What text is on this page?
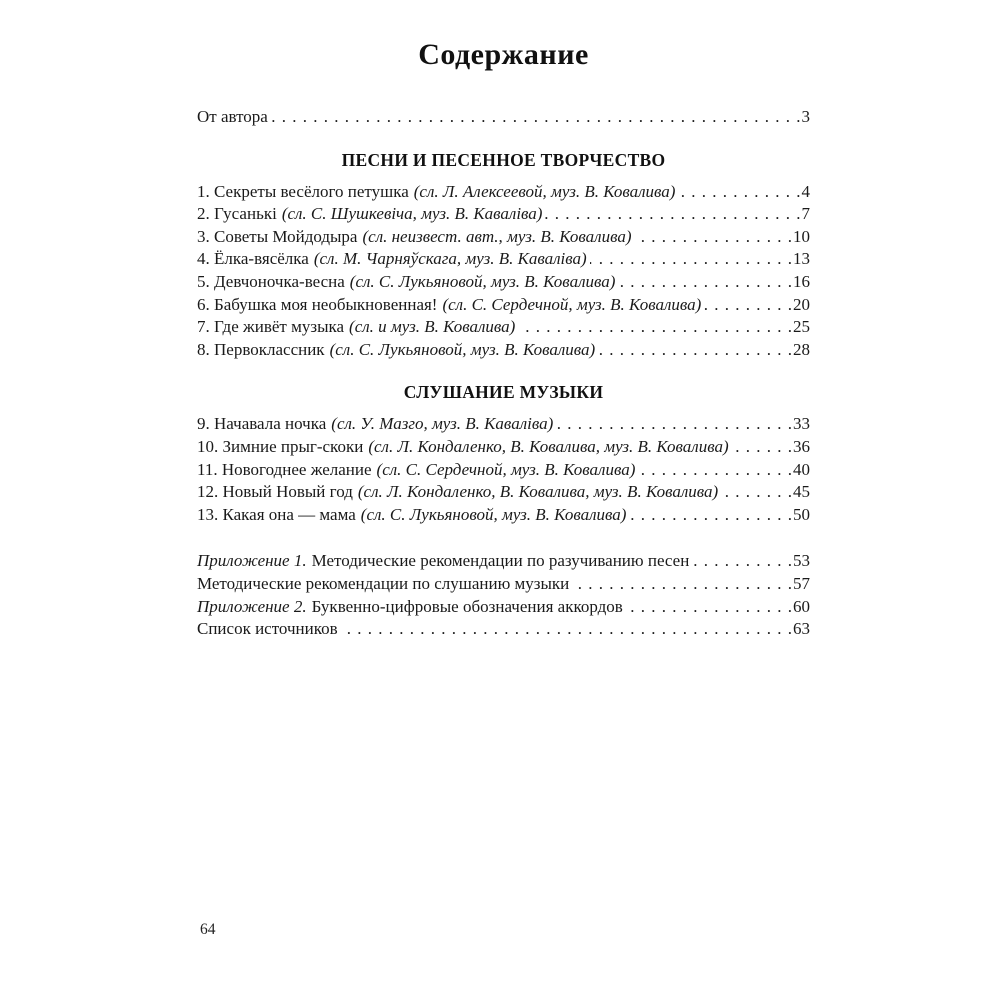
Содержание
От автора . . .	3
ПЕСНИ И ПЕСЕННОЕ ТВОРЧЕСТВО
1. Секреты весёлого петушка (сл. Л. Алексеевой, муз. В. Ковалива) . . .	4
2. Гусанькі (сл. С. Шушкевіча, муз. В. Каваліва) . . .	7
3. Советы Мойдодыра (сл. неизвест. авт., муз. В. Ковалива) . . .	10
4. Ёлка-вясёлка (сл. М. Чарняўскага, муз. В. Каваліва) . . .	13
5. Девчоночка-весна (сл. С. Лукьяновой, муз. В. Ковалива) . . .	16
6. Бабушка моя необыкновенная! (сл. С. Сердечной, муз. В. Ковалива) . . .	20
7. Где живёт музыка (сл. и муз. В. Ковалива) . . .	25
8. Первоклассник (сл. С. Лукьяновой, муз. В. Ковалива) . . .	28
СЛУШАНИЕ МУЗЫКИ
9. Начавала ночка (сл. У. Мазго, муз. В. Каваліва) . . .	33
10. Зимние прыг-скоки (сл. Л. Кондаленко, В. Ковалива, муз. В. Ковалива) . . .	36
11. Новогоднее желание (сл. С. Сердечной, муз. В. Ковалива) . . .	40
12. Новый Новый год (сл. Л. Кондаленко, В. Ковалива, муз. В. Ковалива) . . .	45
13. Какая она — мама (сл. С. Лукьяновой, муз. В. Ковалива) . . .	50
Приложение 1. Методические рекомендации по разучиванию песен . . .	53
Методические рекомендации по слушанию музыки . . .	57
Приложение 2. Буквенно-цифровые обозначения аккордов . . .	60
Список источников . . .	63
64
